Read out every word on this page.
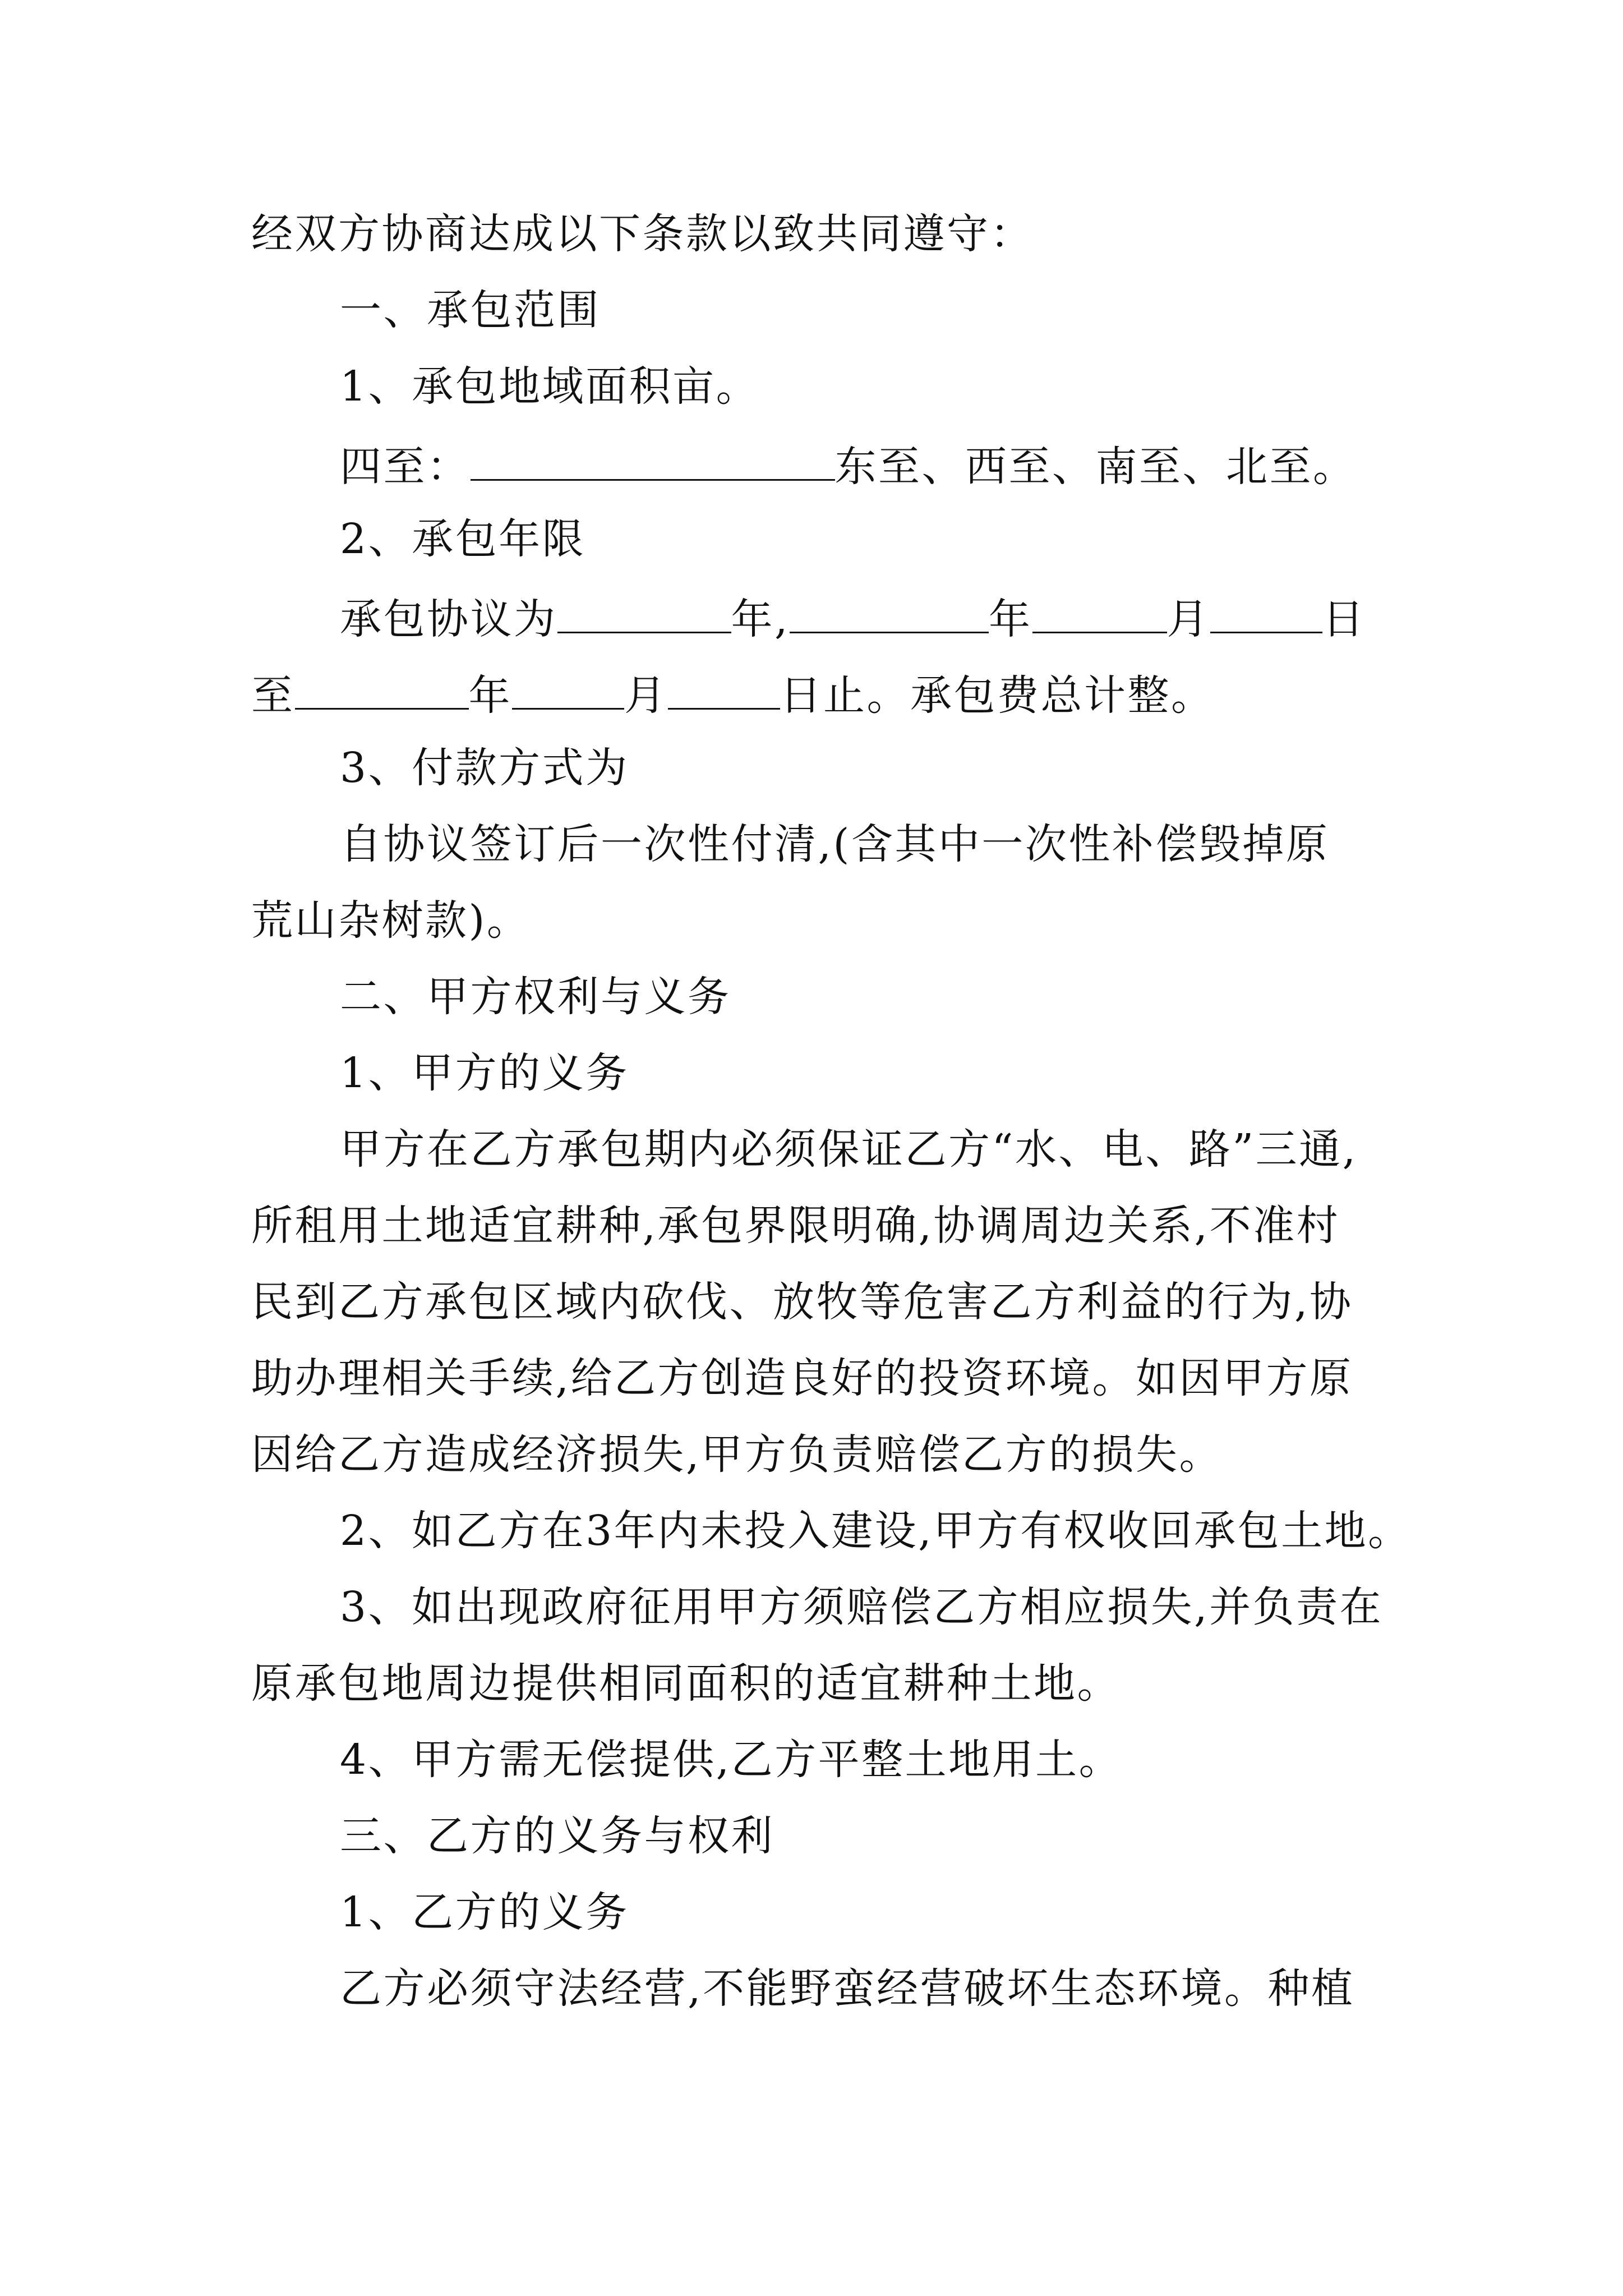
经双方协商达成以下条款以致共同遵守：
一、承包范围
1、承包地域面积亩。
四至：	东至、西至、南至、北至。
2、承包年限
承包协议为	年,	年	月	日
至	年	月	日止。承包费总计整。
3、付款方式为
自协议签订后一次性付清,(含其中一次性补偿毁掉原
荒山杂树款)。
二、甲方权利与义务
1、甲方的义务
甲方在乙方承包期内必须保证乙方“水、电、路”三通,
所租用土地适宜耕种,承包界限明确,协调周边关系,不准村
民到乙方承包区域内砍伐、放牧等危害乙方利益的行为,协
助办理相关手续,给乙方创造良好的投资环境。如因甲方原
因给乙方造成经济损失,甲方负责赔偿乙方的损失。
2、如乙方在3年内未投入建设,甲方有权收回承包土地。
3、如出现政府征用甲方须赔偿乙方相应损失,并负责在
原承包地周边提供相同面积的适宜耕种土地。
4、甲方需无偿提供,乙方平整土地用土。
三、乙方的义务与权利
1、乙方的义务
乙方必须守法经营,不能野蛮经营破坏生态环境。种植
